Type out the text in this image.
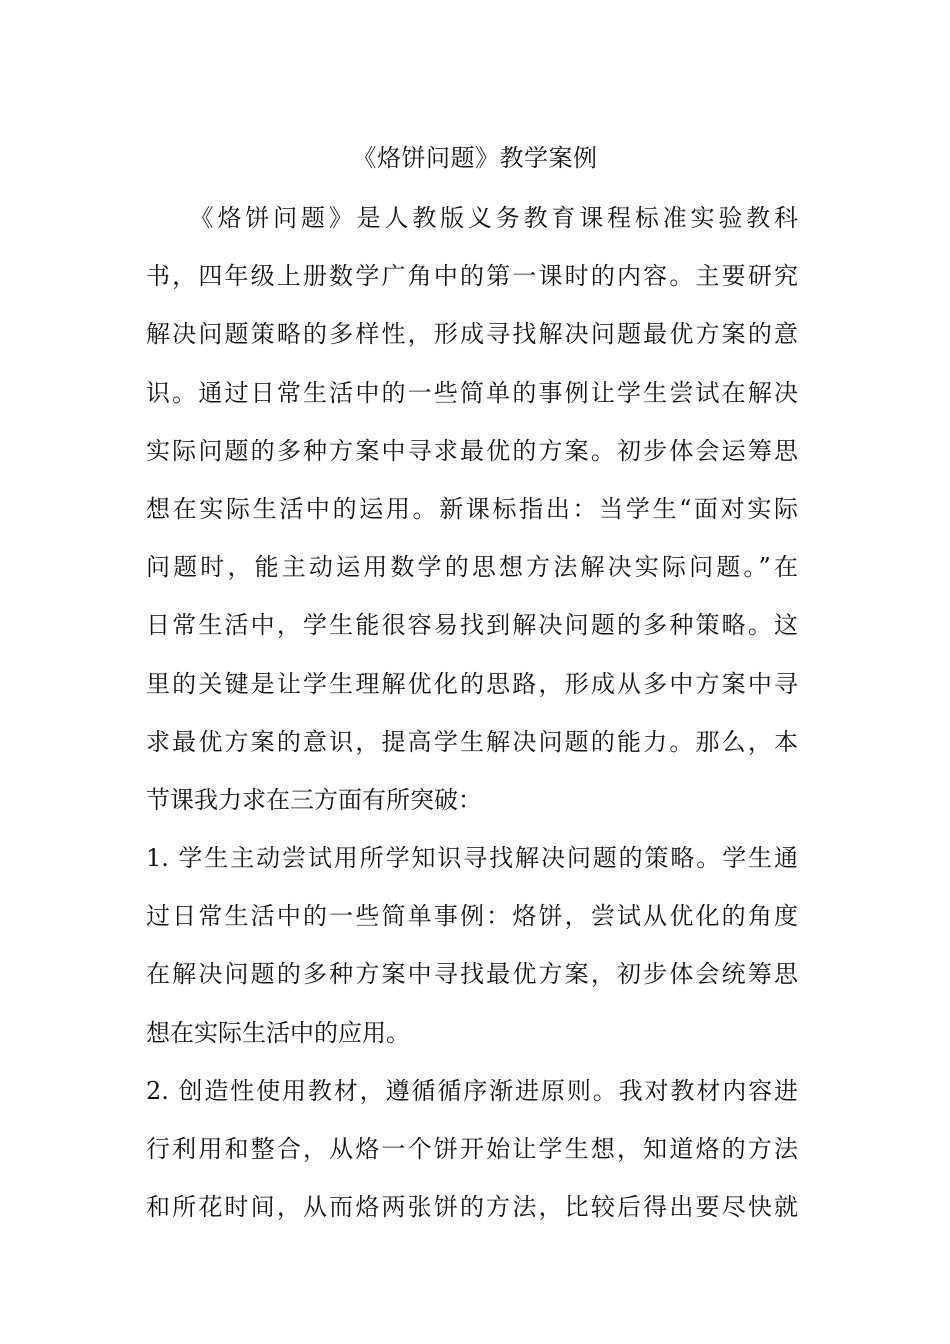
《烙饼问题》教学案例
　　《烙饼问题》是人教版义务教育课程标准实验教科
书，四年级上册数学广角中的第一课时的内容。主要研究
解决问题策略的多样性，形成寻找解决问题最优方案的意
识。通过日常生活中的一些简单的事例让学生尝试在解决
实际问题的多种方案中寻求最优的方案。初步体会运筹思
想在实际生活中的运用。新课标指出：当学生“面对实际
问题时，能主动运用数学的思想方法解决实际问题。”在
日常生活中，学生能很容易找到解决问题的多种策略。这
里的关键是让学生理解优化的思路，形成从多中方案中寻
求最优方案的意识，提高学生解决问题的能力。那么，本
节课我力求在三方面有所突破：
1. 学生主动尝试用所学知识寻找解决问题的策略。学生通
过日常生活中的一些简单事例：烙饼，尝试从优化的角度
在解决问题的多种方案中寻找最优方案，初步体会统筹思
想在实际生活中的应用。
2. 创造性使用教材，遵循循序渐进原则。我对教材内容进
行利用和整合，从烙一个饼开始让学生想，知道烙的方法
和所花时间，从而烙两张饼的方法，比较后得出要尽快就
